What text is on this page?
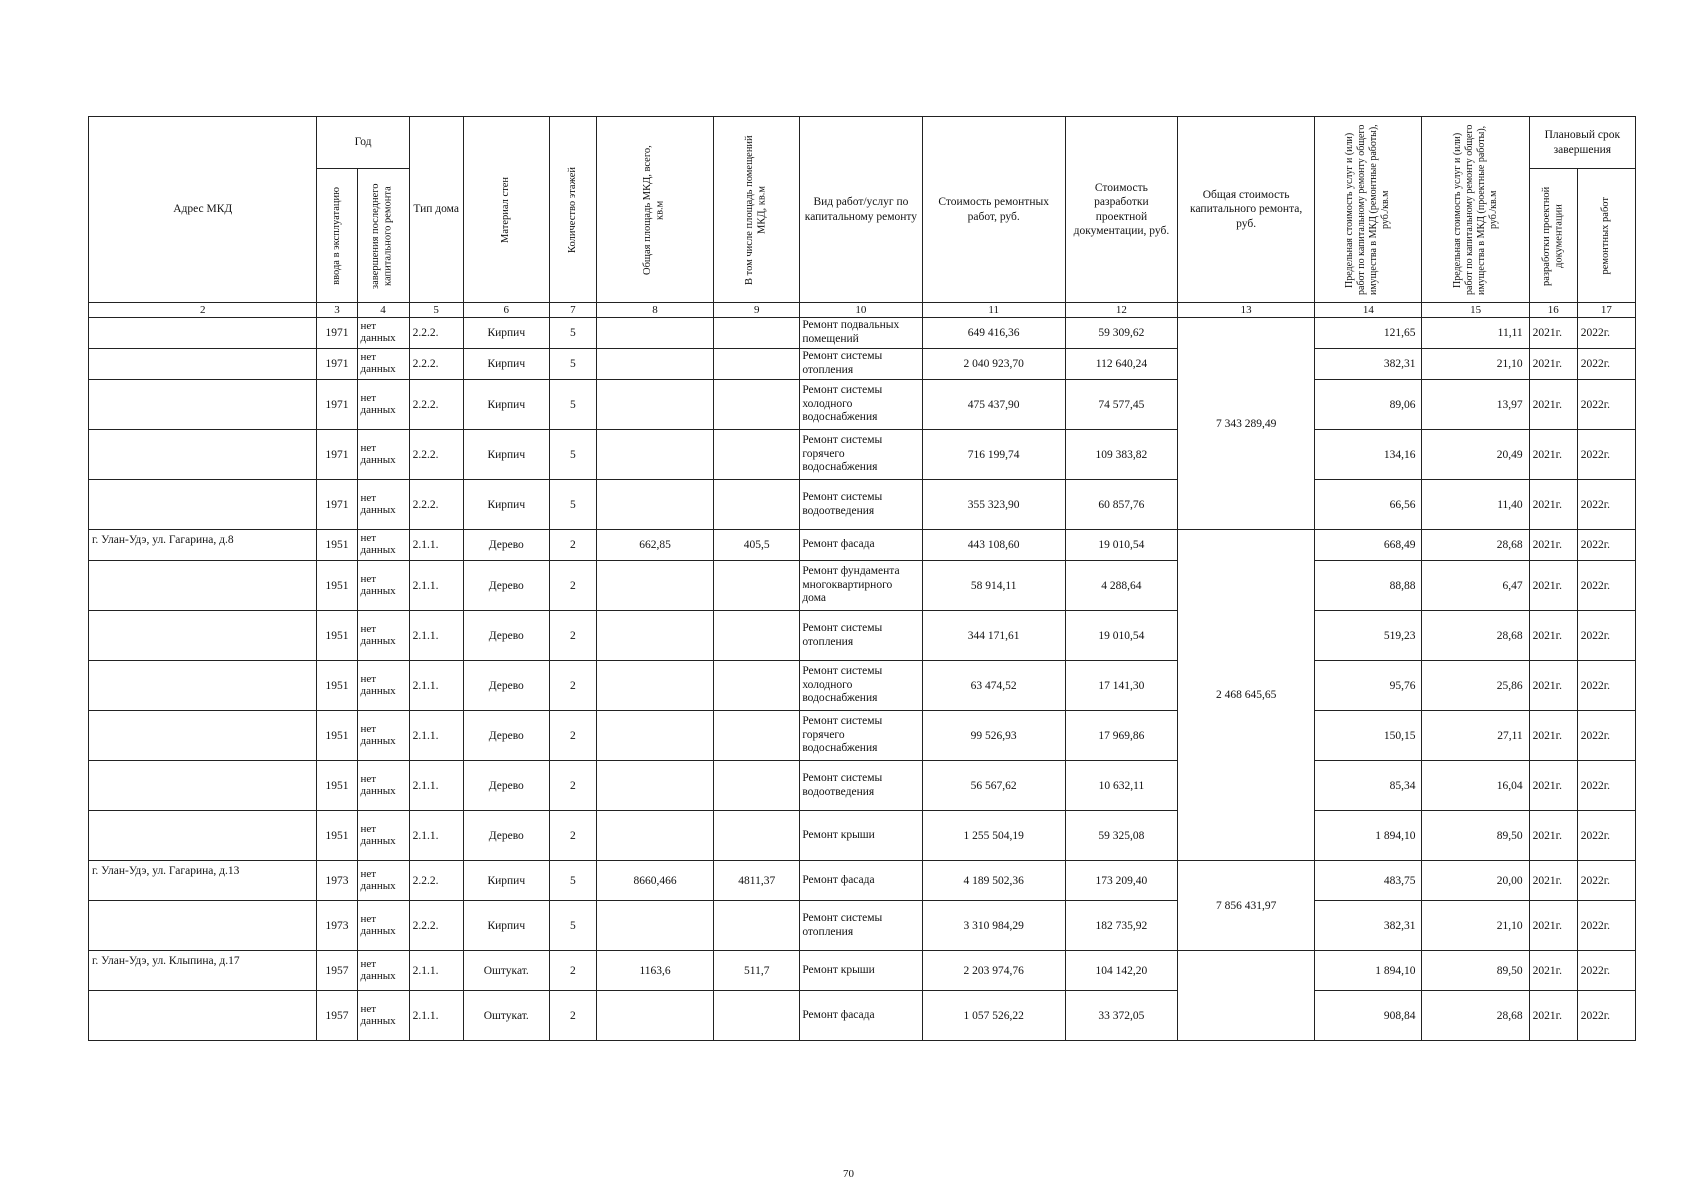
Адрес МКД	Год		Тип дома	Материал стен	Количество этажей	Общая площадь МКД, всего, кв.м	В том числе площадь помещений МКД, кв.м	Вид работ/услуг по капитальному ремонту	Стоимость ремонтных работ, руб.	Стоимость разработки проектной документации, руб.	Общая стоимость капитального ремонта, руб.	Предельная стоимость услуг и (или) работ по капитальному ремонту общего имущества в МКД (ремонтные работы), руб./кв.м	Предельная стоимость услуг и (или) работ по капитальному ремонту общего имущества в МКД (проектные работы), руб./кв.м	Плановый срок завершения	

	ввода в эксплуатацию	завершения последнего капитального ремонта												разработки проектной документации	ремонтных работ

2	3	4	5	6	7	8	9	10	11	12	13	14	15	16	17
	1971	нет данных	2.2.2.	Кирпич	5			Ремонт подвальных помещений	649 416,36	59 309,62	7 343 289,49	121,65	11,11	2021г.	2022г.
	1971	нет данных	2.2.2.	Кирпич	5			Ремонт системы отопления	2 040 923,70	112 640,24		382,31	21,10	2021г.	2022г.
	1971	нет данных	2.2.2.	Кирпич	5			Ремонт системы холодного водоснабжения	475 437,90	74 577,45		89,06	13,97	2021г.	2022г.
	1971	нет данных	2.2.2.	Кирпич	5			Ремонт системы горячего водоснабжения	716 199,74	109 383,82		134,16	20,49	2021г.	2022г.
	1971	нет данных	2.2.2.	Кирпич	5			Ремонт системы водоотведения	355 323,90	60 857,76		66,56	11,40	2021г.	2022г.
г. Улан-Удэ, ул. Гагарина, д.8	1951	нет данных	2.1.1.	Дерево	2	662,85	405,5	Ремонт фасада	443 108,60	19 010,54	2 468 645,65	668,49	28,68	2021г.	2022г.
	1951	нет данных	2.1.1.	Дерево	2			Ремонт фундамента многоквартирного дома	58 914,11	4 288,64		88,88	6,47	2021г.	2022г.
	1951	нет данных	2.1.1.	Дерево	2			Ремонт системы отопления	344 171,61	19 010,54		519,23	28,68	2021г.	2022г.
	1951	нет данных	2.1.1.	Дерево	2			Ремонт системы холодного водоснабжения	63 474,52	17 141,30		95,76	25,86	2021г.	2022г.
	1951	нет данных	2.1.1.	Дерево	2			Ремонт системы горячего водоснабжения	99 526,93	17 969,86		150,15	27,11	2021г.	2022г.
	1951	нет данных	2.1.1.	Дерево	2			Ремонт системы водоотведения	56 567,62	10 632,11		85,34	16,04	2021г.	2022г.
	1951	нет данных	2.1.1.	Дерево	2			Ремонт крыши	1 255 504,19	59 325,08		1 894,10	89,50	2021г.	2022г.
г. Улан-Удэ, ул. Гагарина, д.13	1973	нет данных	2.2.2.	Кирпич	5	8660,466	4811,37	Ремонт фасада	4 189 502,36	173 209,40	7 856 431,97	483,75	20,00	2021г.	2022г.
	1973	нет данных	2.2.2.	Кирпич	5			Ремонт системы отопления	3 310 984,29	182 735,92		382,31	21,10	2021г.	2022г.
г. Улан-Удэ, ул. Клыпина, д.17	1957	нет данных	2.1.1.	Оштукат.	2	1163,6	511,7	Ремонт крыши	2 203 974,76	104 142,20		1 894,10	89,50	2021г.	2022г.
	1957	нет данных	2.1.1.	Оштукат.	2			Ремонт фасада	1 057 526,22	33 372,05		908,84	28,68	2021г.	2022г.
70
